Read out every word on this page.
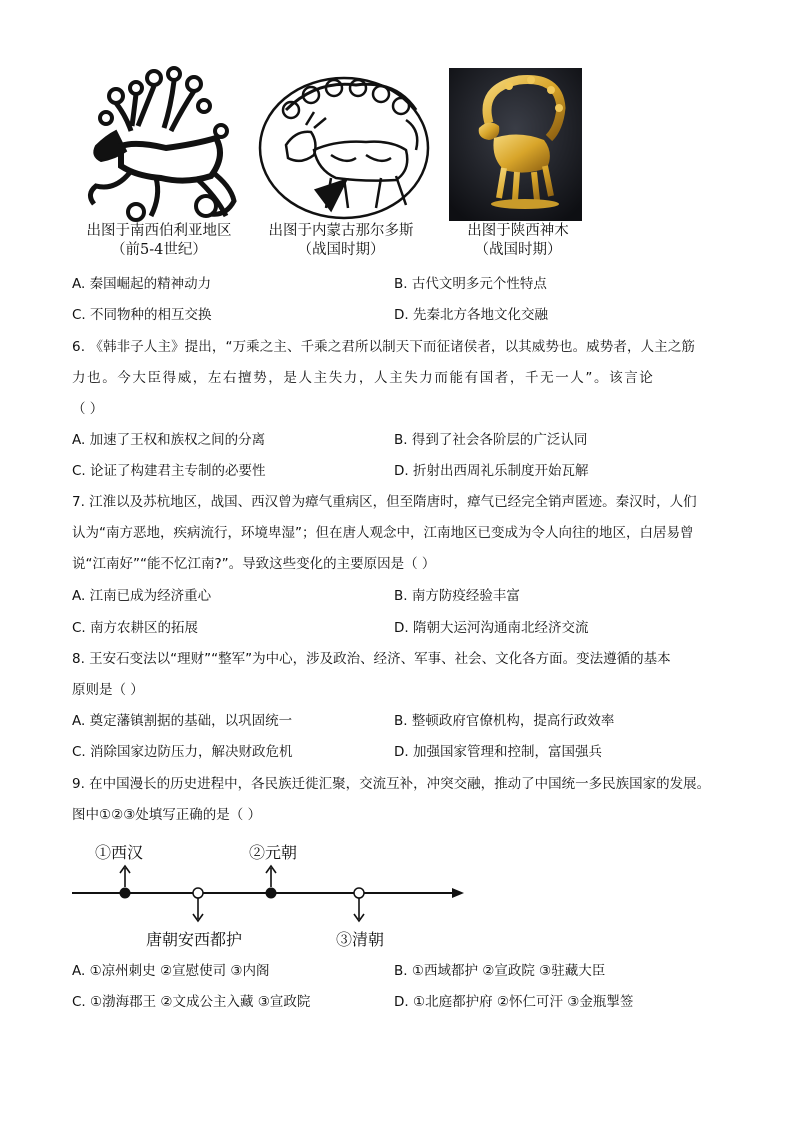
出图于南西伯利亚地区
（前5-4世纪）
出图于内蒙古那尔多斯
（战国时期）
出图于陕西神木
（战国时期）
A. 秦国崛起的精神动力	B. 古代文明多元个性特点
C. 不同物种的相互交换	D. 先秦北方各地文化交融
6. 《韩非子人主》提出，“万乘之主、千乘之君所以制天下而征诸侯者，以其威势也。威势者，人主之筋
力也。今大臣得威，左右擅势，是人主失力，人主失力而能有国者，千无一人”。该言论
（ ）
A. 加速了王权和族权之间的分离	B. 得到了社会各阶层的广泛认同
C. 论证了构建君主专制的必要性	D. 折射出西周礼乐制度开始瓦解
7. 江淮以及苏杭地区，战国、西汉曾为瘴气重病区，但至隋唐时，瘴气已经完全销声匿迹。秦汉时，人们
认为“南方恶地，疾病流行，环境卑湿”；但在唐人观念中，江南地区已变成为令人向往的地区，白居易曾
说“江南好”“能不忆江南?”。导致这些变化的主要原因是（ ）
A. 江南已成为经济重心	B. 南方防疫经验丰富
C. 南方农耕区的拓展	D. 隋朝大运河沟通南北经济交流
8. 王安石变法以“理财”“整军”为中心，涉及政治、经济、军事、社会、文化各方面。变法遵循的基本
原则是（ ）
A. 奠定藩镇割据的基础，以巩固统一	B. 整顿政府官僚机构，提高行政效率
C. 消除国家边防压力，解决财政危机	D. 加强国家管理和控制，富国强兵
9. 在中国漫长的历史进程中，各民族迁徙汇聚，交流互补，冲突交融，推动了中国统一多民族国家的发展。
图中①②③处填写正确的是（ ）
①西汉	②元朝
唐朝安西都护	③清朝
A. ①凉州刺史 ②宣慰使司 ③内阁	B. ①西域都护 ②宣政院 ③驻藏大臣
C. ①渤海郡王 ②文成公主入藏 ③宣政院	D. ①北庭都护府 ②怀仁可汗 ③金瓶掣签
